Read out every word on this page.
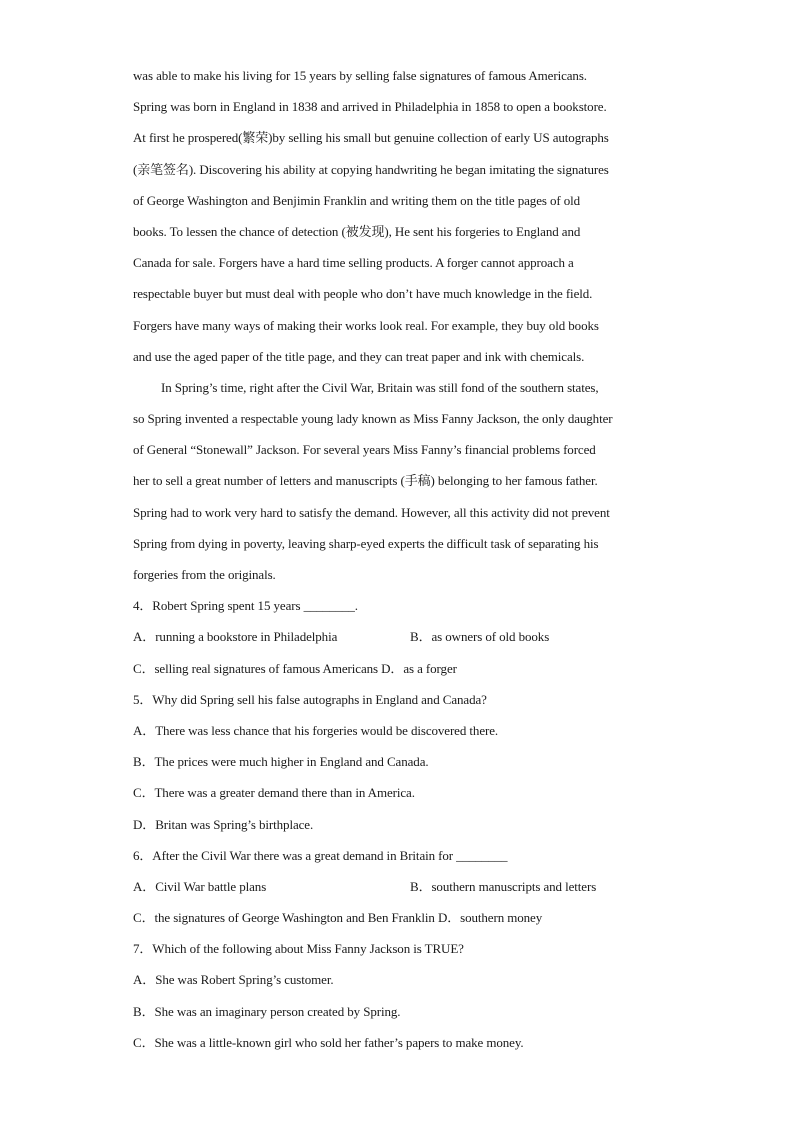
was able to make his living for 15 years by selling false signatures of famous Americans.
Spring was born in England in 1838 and arrived in Philadelphia in 1858 to open a bookstore.
At first he prospered(繁荣)by selling his small but genuine collection of early US autographs
(亲笔签名). Discovering his ability at copying handwriting he began imitating the signatures
of George Washington and Benjimin Franklin and writing them on the title pages of old
books. To lessen the chance of detection (被发现), He sent his forgeries to England and
Canada for sale. Forgers have a hard time selling products. A forger cannot approach a
respectable buyer but must deal with people who don’t have much knowledge in the field.
Forgers have many ways of making their works look real. For example, they buy old books
and use the aged paper of the title page, and they can treat paper and ink with chemicals.
In Spring’s time, right after the Civil War, Britain was still fond of the southern states,
so Spring invented a respectable young lady known as Miss Fanny Jackson, the only daughter
of General “Stonewall” Jackson. For several years Miss Fanny’s financial problems forced
her to sell a great number of letters and manuscripts (手稿) belonging to her famous father.
Spring had to work very hard to satisfy the demand. However, all this activity did not prevent
Spring from dying in poverty, leaving sharp-eyed experts the difficult task of separating his
forgeries from the originals.
4．Robert Spring spent 15 years ________.
A．running a bookstore in Philadelphia	B．as owners of old books
C．selling real signatures of famous Americans D．as a forger
5．Why did Spring sell his false autographs in England and Canada?
A．There was less chance that his forgeries would be discovered there.
B．The prices were much higher in England and Canada.
C．There was a greater demand there than in America.
D．Britan was Spring’s birthplace.
6．After the Civil War there was a great demand in Britain for ________
A．Civil War battle plans	B．southern manuscripts and letters
C．the signatures of George Washington and Ben Franklin D．southern money
7．Which of the following about Miss Fanny Jackson is TRUE?
A．She was Robert Spring’s customer.
B．She was an imaginary person created by Spring.
C．She was a little-known girl who sold her father’s papers to make money.
